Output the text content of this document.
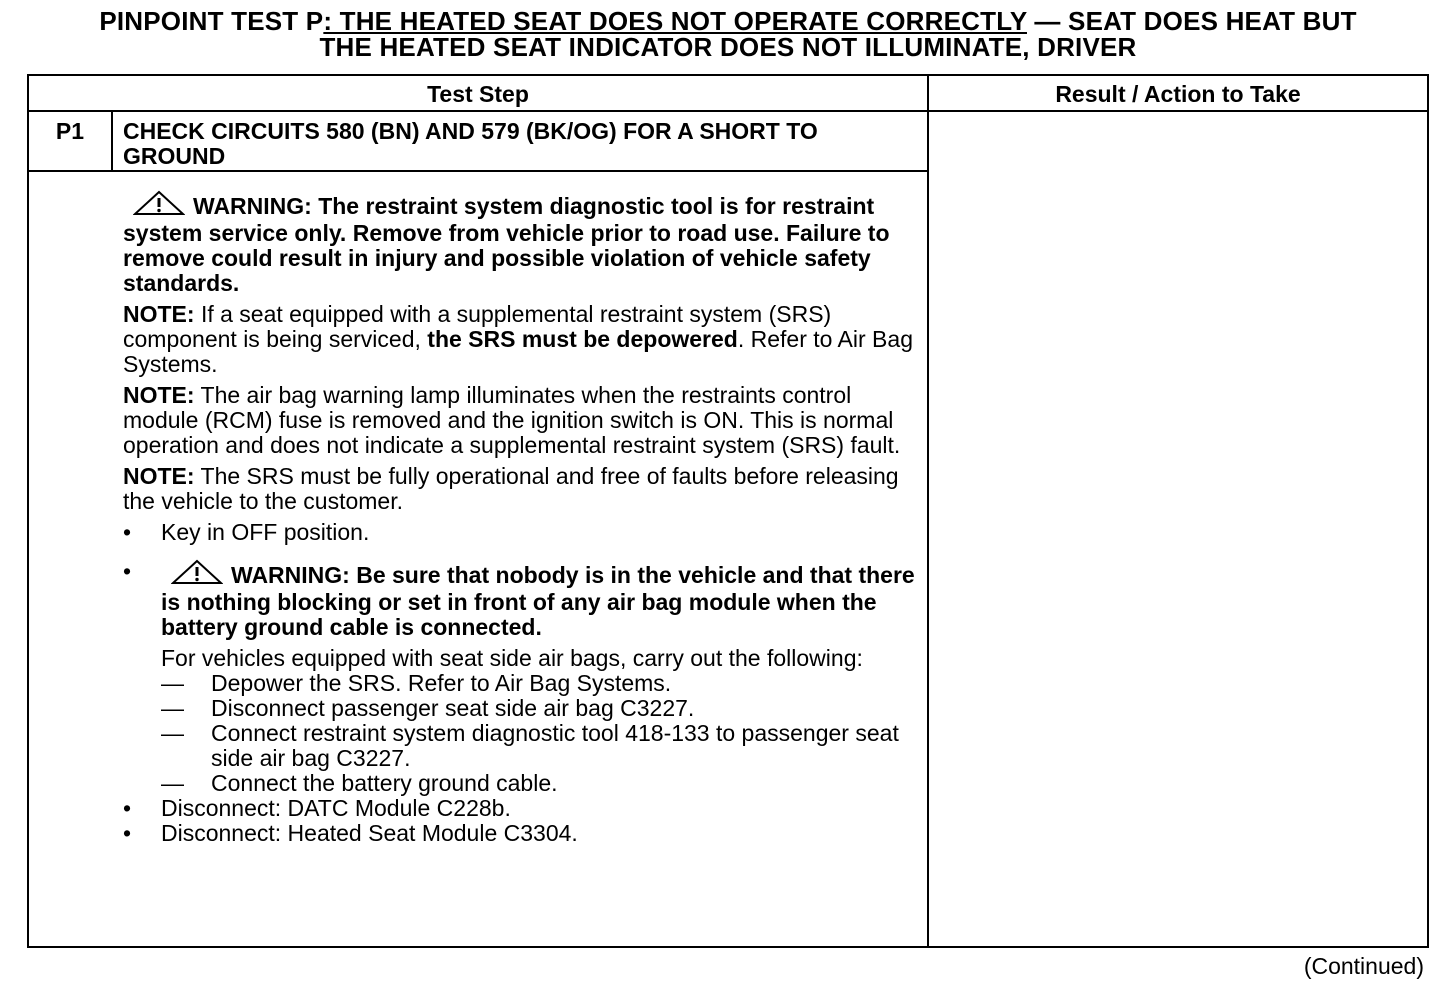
PINPOINT TEST P: THE HEATED SEAT DOES NOT OPERATE CORRECTLY — SEAT DOES HEAT BUT
THE HEATED SEAT INDICATOR DOES NOT ILLUMINATE, DRIVER
Test Step	Result / Action to Take
P1	CHECK CIRCUITS 580 (BN) AND 579 (BK/OG) FOR A SHORT TO GROUND

WARNING: The restraint system diagnostic tool is for restraint system service only. Remove from vehicle prior to road use. Failure to remove could result in injury and possible violation of vehicle safety standards.

NOTE: If a seat equipped with a supplemental restraint system (SRS) component is being serviced, the SRS must be depowered. Refer to Air Bag Systems.

NOTE: The air bag warning lamp illuminates when the restraints control module (RCM) fuse is removed and the ignition switch is ON. This is normal operation and does not indicate a supplemental restraint system (SRS) fault.

NOTE: The SRS must be fully operational and free of faults before releasing the vehicle to the customer.

• Key in OFF position.
•	WARNING: Be sure that nobody is in the vehicle and that there is nothing blocking or set in front of any air bag module when the battery ground cable is connected.

For vehicles equipped with seat side air bags, carry out the following:

— Depower the SRS. Refer to Air Bag Systems.
— Disconnect passenger seat side air bag C3227.
— Connect restraint system diagnostic tool 418-133 to passenger seat side air bag C3227.
— Connect the battery ground cable.
• Disconnect: DATC Module C228b.
• Disconnect: Heated Seat Module C3304.
(Continued)
